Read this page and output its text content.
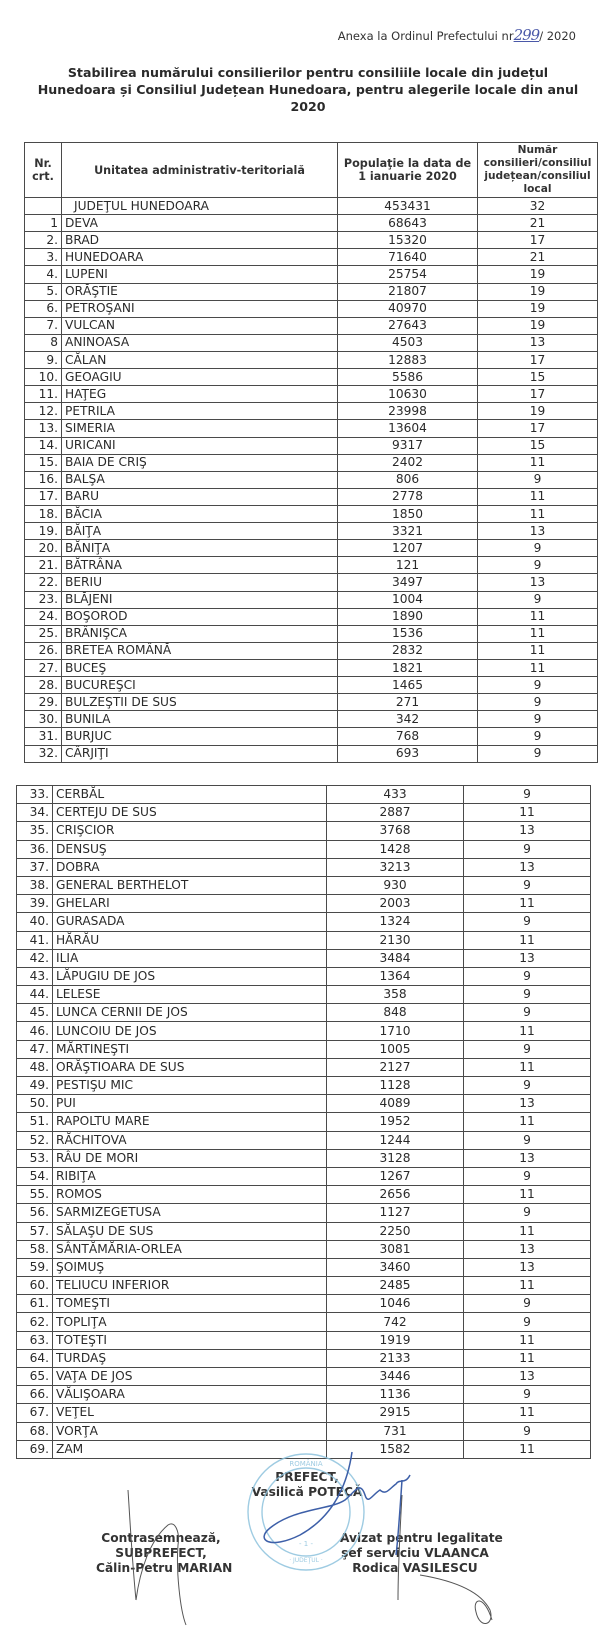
Anexa la Ordinul Prefectului nr299/ 2020
Stabilirea numărului consilierilor pentru consiliile locale din județul Hunedoara și Consiliul Județean Hunedoara, pentru alegerile locale din anul 2020
Nr. crt.	Unitatea administrativ-teritorială	Populaţie la data de 1 ianuarie 2020	Număr consilieri/consiliul județean/consiliul local
	JUDEŢUL HUNEDOARA	453431	32
1	DEVA	68643	21
2.	BRAD	15320	17
3.	HUNEDOARA	71640	21
4.	LUPENI	25754	19
5.	ORĂŞTIE	21807	19
6.	PETROŞANI	40970	19
7.	VULCAN	27643	19
8	ANINOASA	4503	13
9.	CĂLAN	12883	17
10.	GEOAGIU	5586	15
11.	HAŢEG	10630	17
12.	PETRILA	23998	19
13.	SIMERIA	13604	17
14.	URICANI	9317	15
15.	BAIA DE CRIŞ	2402	11
16.	BALŞA	806	9
17.	BARU	2778	11
18.	BĂCIA	1850	11
19.	BĂIŢA	3321	13
20.	BĂNIŢA	1207	9
21.	BĂTRÂNA	121	9
22.	BERIU	3497	13
23.	BLĂJENI	1004	9
24.	BOŞOROD	1890	11
25.	BRÂNIŞCA	1536	11
26.	BRETEA ROMÂNĂ	2832	11
27.	BUCEŞ	1821	11
28.	BUCUREŞCI	1465	9
29.	BULZEŞTII DE SUS	271	9
30.	BUNILA	342	9
31.	BURJUC	768	9
32.	CÂRJIŢI	693	9
33.	CERBĂL	433	9
34.	CERTEJU DE SUS	2887	11
35.	CRIŞCIOR	3768	13
36.	DENSUŞ	1428	9
37.	DOBRA	3213	13
38.	GENERAL BERTHELOT	930	9
39.	GHELARI	2003	11
40.	GURASADA	1324	9
41.	HĂRĂU	2130	11
42.	ILIA	3484	13
43.	LĂPUGIU DE JOS	1364	9
44.	LELESE	358	9
45.	LUNCA CERNII DE JOS	848	9
46.	LUNCOIU DE JOS	1710	11
47.	MĂRTINEŞTI	1005	9
48.	ORĂŞTIOARA DE SUS	2127	11
49.	PESTIŞU MIC	1128	9
50.	PUI	4089	13
51.	RAPOLTU MARE	1952	11
52.	RĂCHITOVA	1244	9
53.	RÂU DE MORI	3128	13
54.	RIBIŢA	1267	9
55.	ROMOS	2656	11
56.	SARMIZEGETUSA	1127	9
57.	SĂLAŞU DE SUS	2250	11
58.	SÂNTĂMĂRIA-ORLEA	3081	13
59.	ŞOIMUŞ	3460	13
60.	TELIUCU INFERIOR	2485	11
61.	TOMEŞTI	1046	9
62.	TOPLIŢA	742	9
63.	TOTEŞTI	1919	11
64.	TURDAŞ	2133	11
65.	VAŢA DE JOS	3446	13
66.	VĂLIŞOARA	1136	9
67.	VEŢEL	2915	11
68.	VORŢA	731	9
69.	ZAM	1582	11
PREFECT,
Vasilică POTECĂ
Contrasemnează,
SUBPREFECT,
Călin-Petru MARIAN
Avizat pentru legalitate
şef serviciu VLAANCA
Rodica VASILESCU
ROMÂNIA
· JUDEŢUL ·
- 1 -
